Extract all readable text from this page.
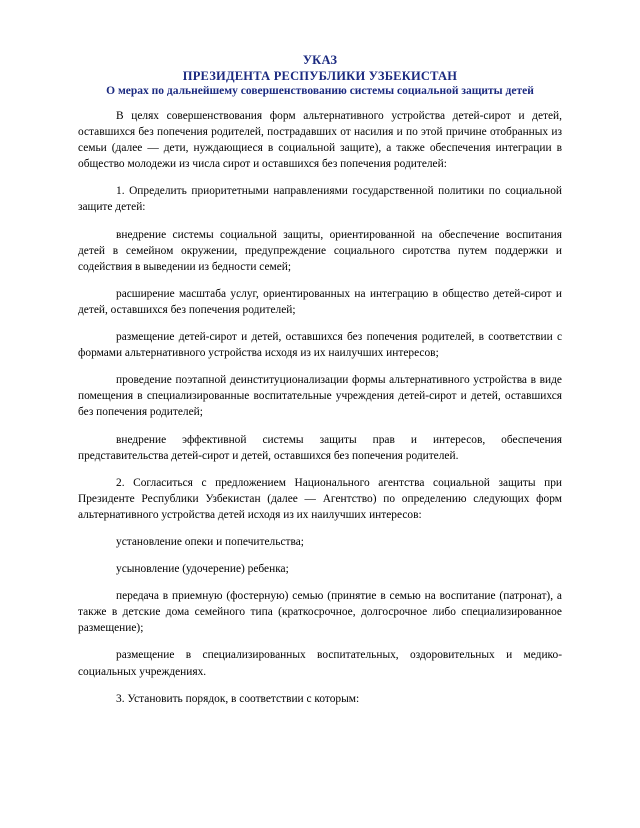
УКАЗ
ПРЕЗИДЕНТА РЕСПУБЛИКИ УЗБЕКИСТАН
О мерах по дальнейшему совершенствованию системы социальной защиты детей

В целях совершенствования форм альтернативного устройства детей-сирот и детей, оставшихся без попечения родителей, пострадавших от насилия и по этой причине отобранных из семьи (далее — дети, нуждающиеся в социальной защите), а также обеспечения интеграции в общество молодежи из числа сирот и оставшихся без попечения родителей:

1. Определить приоритетными направлениями государственной политики по социальной защите детей:

внедрение системы социальной защиты, ориентированной на обеспечение воспитания детей в семейном окружении, предупреждение социального сиротства путем поддержки и содействия в выведении из бедности семей;

расширение масштаба услуг, ориентированных на интеграцию в общество детей-сирот и детей, оставшихся без попечения родителей;

размещение детей-сирот и детей, оставшихся без попечения родителей, в соответствии с формами альтернативного устройства исходя из их наилучших интересов;

проведение поэтапной деинституционализации формы альтернативного устройства в виде помещения в специализированные воспитательные учреждения детей-сирот и детей, оставшихся без попечения родителей;

внедрение эффективной системы защиты прав и интересов, обеспечения представительства детей-сирот и детей, оставшихся без попечения родителей.

2. Согласиться с предложением Национального агентства социальной защиты при Президенте Республики Узбекистан (далее — Агентство) по определению следующих форм альтернативного устройства детей исходя из их наилучших интересов:

установление опеки и попечительства;

усыновление (удочерение) ребенка;

передача в приемную (фостерную) семью (принятие в семью на воспитание (патронат), а также в детские дома семейного типа (краткосрочное, долгосрочное либо специализированное размещение);

размещение в специализированных воспитательных, оздоровительных и медико-социальных учреждениях.

3. Установить порядок, в соответствии с которым:
